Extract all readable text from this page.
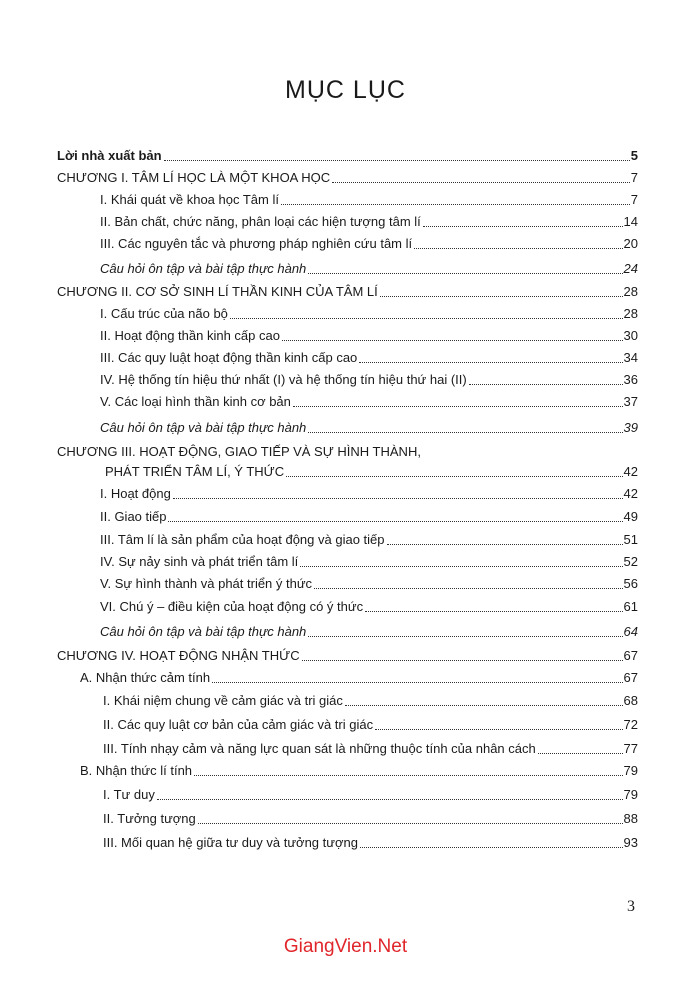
MỤC LỤC
Lời nhà xuất bản	5
CHƯƠNG I. TÂM LÍ HỌC LÀ MỘT KHOA HỌC	7
I. Khái quát về khoa học Tâm lí	7
II. Bản chất, chức năng, phân loại các hiện tượng tâm lí	14
III. Các nguyên tắc và phương pháp nghiên cứu tâm lí	20
Câu hỏi ôn tập và bài tập thực hành	24
CHƯƠNG II. CƠ SỞ SINH LÍ THẦN KINH CỦA TÂM LÍ	28
I. Cấu trúc của não bộ	28
II. Hoạt động thần kinh cấp cao	30
III. Các quy luật hoạt động thần kinh cấp cao	34
IV. Hệ thống tín hiệu thứ nhất (I) và hệ thống tín hiệu thứ hai (II)	36
V. Các loại hình thần kinh cơ bản	37
Câu hỏi ôn tập và bài tập thực hành	39
CHƯƠNG III. HOẠT ĐỘNG, GIAO TIẾP VÀ SỰ HÌNH THÀNH,
PHÁT TRIỂN TÂM LÍ, Ý THỨC	42
I. Hoạt động	42
II. Giao tiếp	49
III. Tâm lí là sản phẩm của hoạt động và giao tiếp	51
IV. Sự nảy sinh và phát triển tâm lí	52
V. Sự hình thành và phát triển ý thức	56
VI. Chú ý – điều kiện của hoạt động có ý thức	61
Câu hỏi ôn tập và bài tập thực hành	64
CHƯƠNG IV. HOẠT ĐỘNG NHẬN THỨC	67
A. Nhận thức cảm tính	67
I. Khái niệm chung về cảm giác và tri giác	68
II. Các quy luật cơ bản của cảm giác và tri giác	72
III. Tính nhạy cảm và năng lực quan sát là những thuộc tính của nhân cách	77
B. Nhận thức lí tính	79
I. Tư duy	79
II. Tưởng tượng	88
III. Mối quan hệ giữa tư duy và tưởng tượng	93
3
GiangVien.Net
